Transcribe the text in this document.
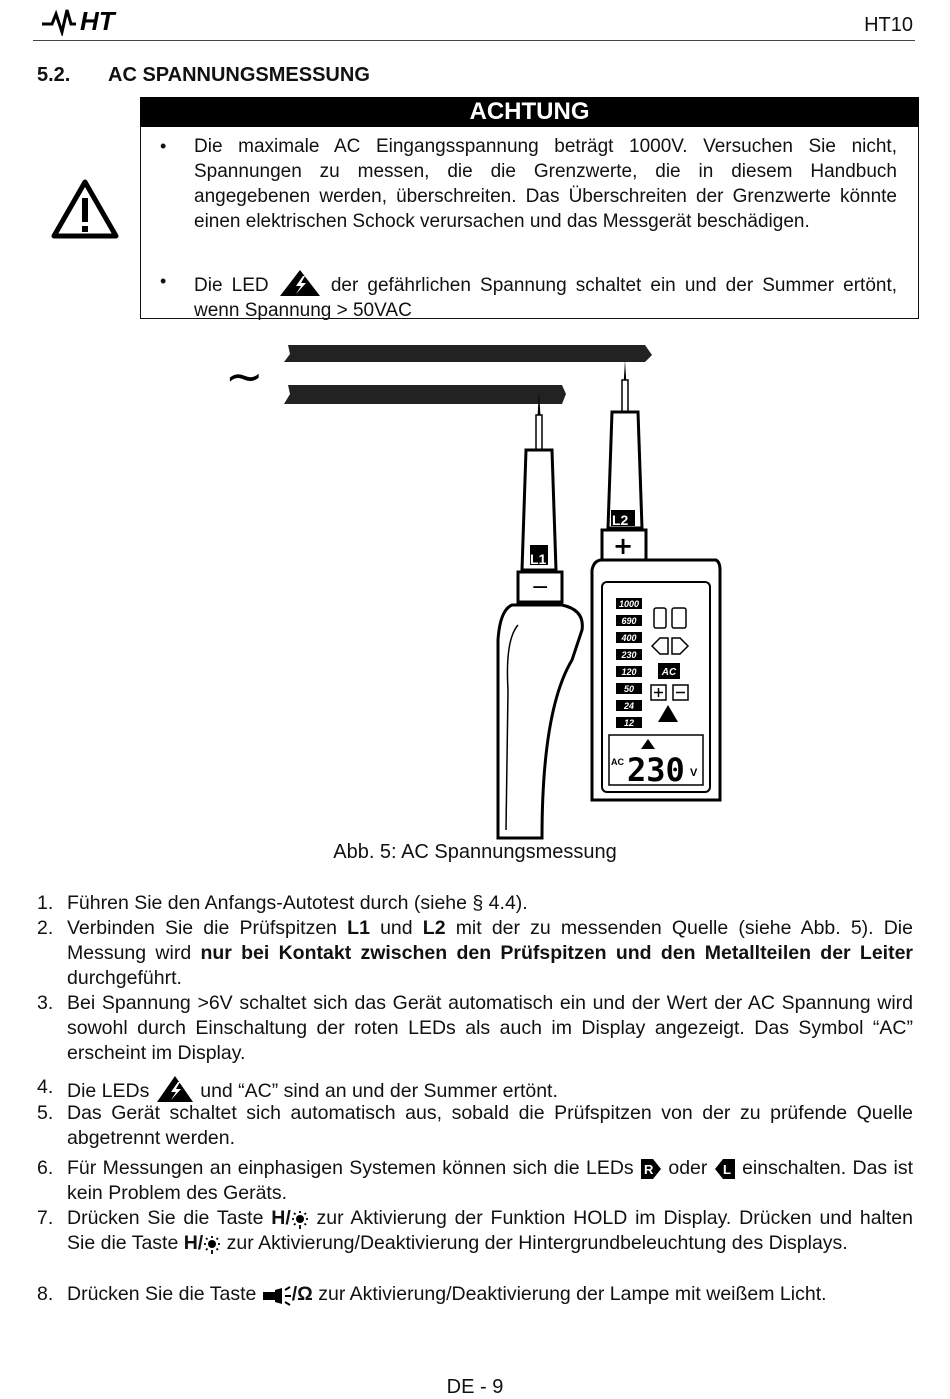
HT	HT10
5.2. AC SPANNUNGSMESSUNG
ACHTUNG
• Die maximale AC Eingangsspannung beträgt 1000V. Versuchen Sie nicht, Spannungen zu messen, die die Grenzwerte, die in diesem Handbuch angegebenen werden, überschreiten. Das Überschreiten der Grenzwerte könnte einen elektrischen Schock verursachen und das Messgerät beschädigen.
• Die LED	der gefährlichen Spannung schaltet ein und der Summer ertönt, wenn Spannung > 50VAC
~
L1
−
L2
+
1000
690
400
230
120
50
24
12
AC
AC 230 V
Abb. 5: AC Spannungsmessung
1. Führen Sie den Anfangs-Autotest durch (siehe § 4.4).
2. Verbinden Sie die Prüfspitzen L1 und L2 mit der zu messenden Quelle (siehe Abb. 5). Die Messung wird nur bei Kontakt zwischen den Prüfspitzen und den Metallteilen der Leiter durchgeführt.
3. Bei Spannung >6V schaltet sich das Gerät automatisch ein und der Wert der AC Spannung wird sowohl durch Einschaltung der roten LEDs als auch im Display angezeigt. Das Symbol “AC” erscheint im Display.
4. Die LEDs	und “AC” sind an und der Summer ertönt.
5. Das Gerät schaltet sich automatisch aus, sobald die Prüfspitzen von der zu prüfende Quelle abgetrennt werden.
6. Für Messungen an einphasigen Systemen können sich die LEDs R oder L einschalten. Das ist kein Problem des Geräts.
7. Drücken Sie die Taste H/ zur Aktivierung der Funktion HOLD im Display. Drücken und halten Sie die Taste H/ zur Aktivierung/Deaktivierung der Hintergrundbeleuchtung des Displays.
8. Drücken Sie die Taste /Ω zur Aktivierung/Deaktivierung der Lampe mit weißem Licht.
DE - 9
